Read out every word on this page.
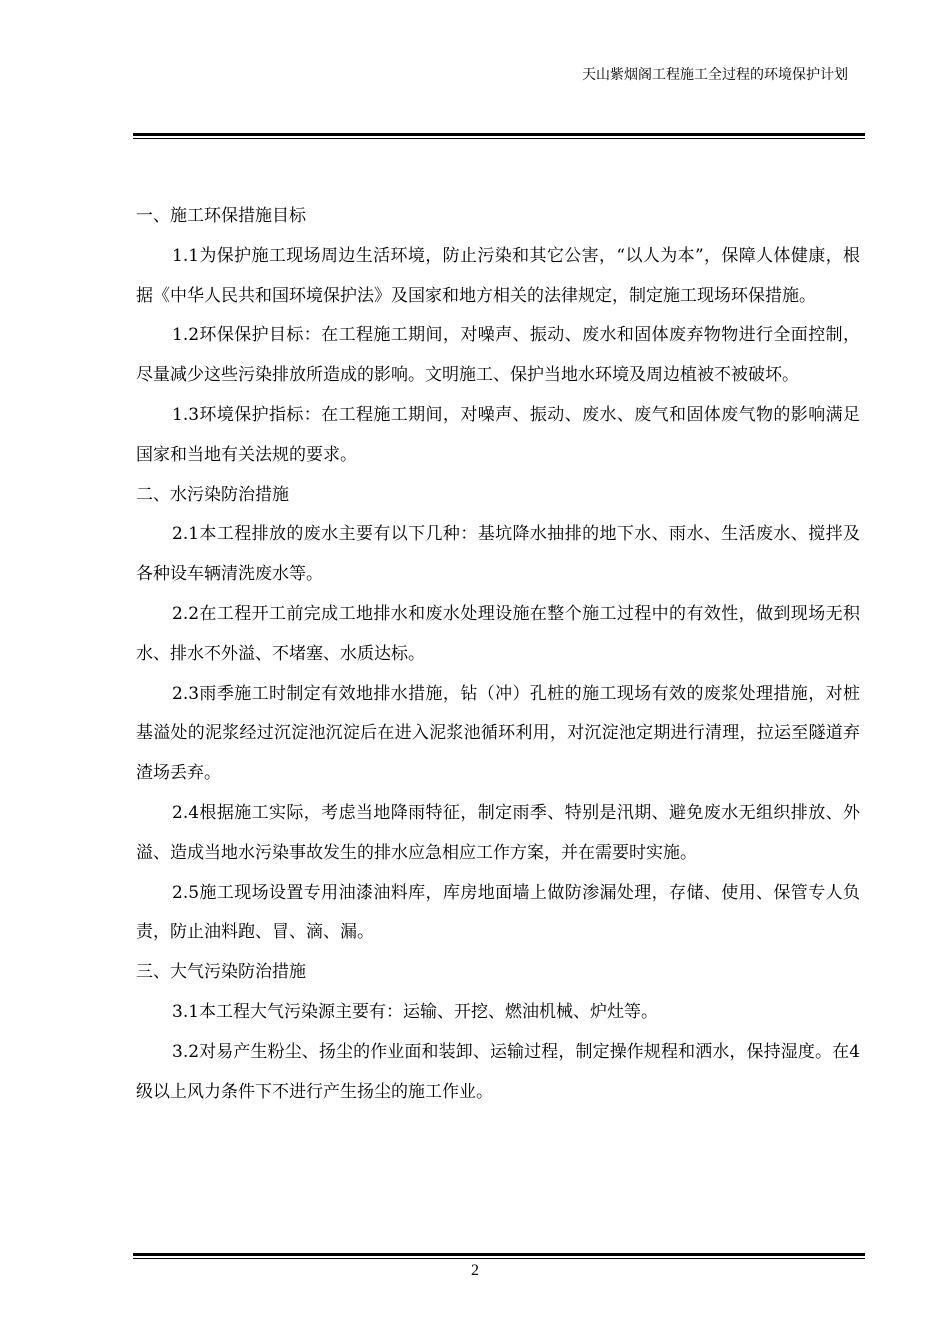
天山紫烟阁工程施工全过程的环境保护计划

一、施工环保措施目标

1.1为保护施工现场周边生活环境，防止污染和其它公害，“以人为本”，保障人体健康，根据《中华人民共和国环境保护法》及国家和地方相关的法律规定，制定施工现场环保措施。

1.2环保保护目标：在工程施工期间，对噪声、振动、废水和固体废弃物物进行全面控制，尽量减少这些污染排放所造成的影响。文明施工、保护当地水环境及周边植被不被破坏。

1.3环境保护指标：在工程施工期间，对噪声、振动、废水、废气和固体废气物的影响满足国家和当地有关法规的要求。

二、水污染防治措施

2.1本工程排放的废水主要有以下几种：基坑降水抽排的地下水、雨水、生活废水、搅拌及各种设车辆清洗废水等。

2.2在工程开工前完成工地排水和废水处理设施在整个施工过程中的有效性，做到现场无积水、排水不外溢、不堵塞、水质达标。

2.3雨季施工时制定有效地排水措施，钻（冲）孔桩的施工现场有效的废浆处理措施，对桩基溢处的泥浆经过沉淀池沉淀后在进入泥浆池循环利用，对沉淀池定期进行清理，拉运至隧道弃渣场丢弃。

2.4根据施工实际，考虑当地降雨特征，制定雨季、特别是汛期、避免废水无组织排放、外溢、造成当地水污染事故发生的排水应急相应工作方案，并在需要时实施。

2.5施工现场设置专用油漆油料库，库房地面墙上做防渗漏处理，存储、使用、保管专人负责，防止油料跑、冒、滴、漏。

三、大气污染防治措施

3.1本工程大气污染源主要有：运输、开挖、燃油机械、炉灶等。

3.2对易产生粉尘、扬尘的作业面和装卸、运输过程，制定操作规程和洒水，保持湿度。在4级以上风力条件下不进行产生扬尘的施工作业。

2
